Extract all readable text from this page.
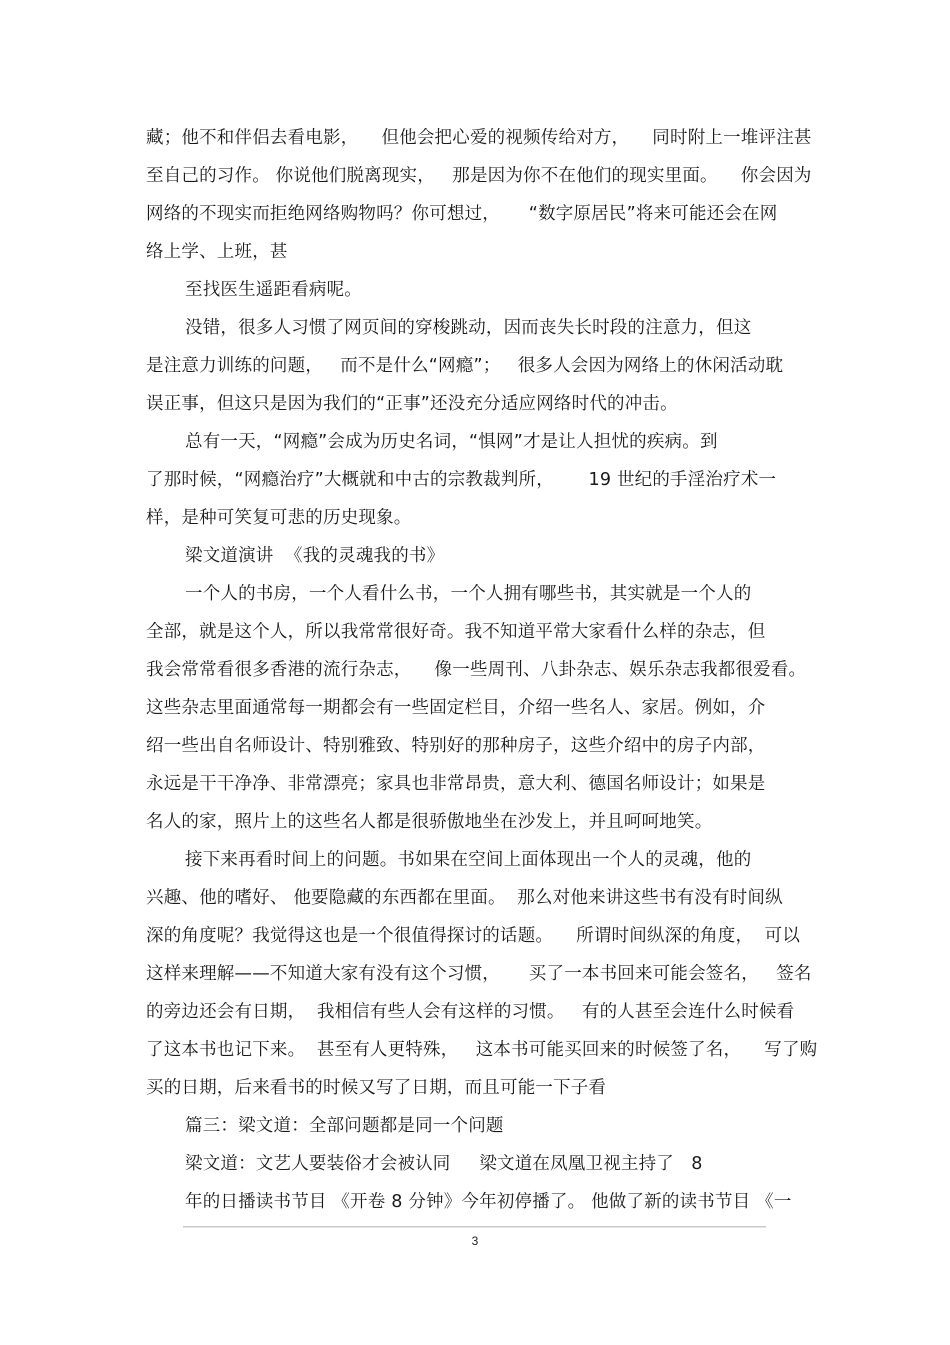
藏；他不和伴侣去看电影，    但他会把心爱的视频传给对方，    同时附上一堆评注甚
至自己的习作。 你说他们脱离现实，   那是因为你不在他们的现实里面。    你会因为
网络的不现实而拒绝网络购物吗？你可想过，     “数字原居民”将来可能还会在网
络上学、上班，甚
至找医生遥距看病呢。
没错，很多人习惯了网页间的穿梭跳动，因而丧失长时段的注意力，但这
是注意力训练的问题，   而不是什么“网瘾”；   很多人会因为网络上的休闲活动耽
误正事，但这只是因为我们的“正事”还没充分适应网络时代的冲击。
总有一天，“网瘾”会成为历史名词，“惧网”才是让人担忧的疾病。到
了那时候，“网瘾治疗”大概就和中古的宗教裁判所，      19 世纪的手淫治疗术一
样，是种可笑复可悲的历史现象。
梁文道演讲  《我的灵魂我的书》
一个人的书房，一个人看什么书，一个人拥有哪些书，其实就是一个人的
全部，就是这个人，所以我常常很好奇。我不知道平常大家看什么样的杂志，但
我会常常看很多香港的流行杂志，    像一些周刊、八卦杂志、娱乐杂志我都很爱看。
这些杂志里面通常每一期都会有一些固定栏目，介绍一些名人、家居。例如，介
绍一些出自名师设计、特别雅致、特别好的那种房子，这些介绍中的房子内部，
永远是干干净净、非常漂亮；家具也非常昂贵，意大利、德国名师设计；如果是
名人的家，照片上的这些名人都是很骄傲地坐在沙发上，并且呵呵地笑。
接下来再看时间上的问题。书如果在空间上面体现出一个人的灵魂，他的
兴趣、他的嗜好、 他要隐藏的东西都在里面。  那么对他来讲这些书有没有时间纵
深的角度呢？我觉得这也是一个很值得探讨的话题。    所谓时间纵深的角度，  可以
这样来理解——不知道大家有没有这个习惯，     买了一本书回来可能会签名，   签名
的旁边还会有日期，  我相信有些人会有这样的习惯。   有的人甚至会连什么时候看
了这本书也记下来。  甚至有人更特殊，   这本书可能买回来的时候签了名，    写了购
买的日期，后来看书的时候又写了日期，而且可能一下子看
篇三：梁文道：全部问题都是同一个问题
梁文道：文艺人要装俗才会被认同     梁文道在凤凰卫视主持了   8
年的日播读书节目 《开卷 8 分钟》今年初停播了。 他做了新的读书节目 《一
3
